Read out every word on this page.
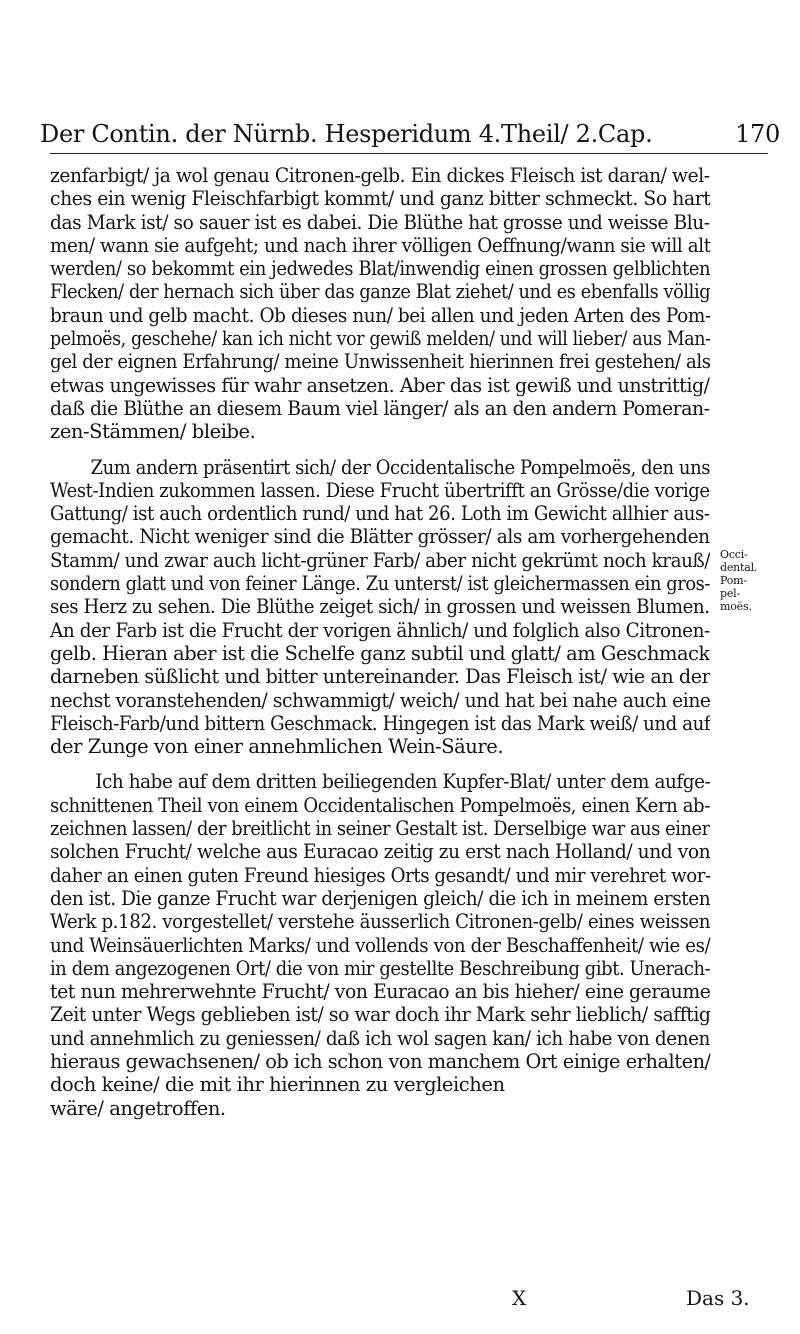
Der Contin. der Nürnb. Hesperidum 4.Theil/ 2.Cap.	170
zenfarbigt/ ja wol genau Citronen-gelb. Ein dickes Fleisch ist daran/ wel-
ches ein wenig Fleischfarbigt kommt/ und ganz bitter schmeckt. So hart
das Mark ist/ so sauer ist es dabei. Die Blüthe hat grosse und weisse Blu-
men/ wann sie aufgeht; und nach ihrer völligen Oeffnung/wann sie will alt
werden/ so bekommt ein jedwedes Blat/inwendig einen grossen gelblichten
Flecken/ der hernach sich über das ganze Blat ziehet/ und es ebenfalls völlig
braun und gelb macht. Ob dieses nun/ bei allen und jeden Arten des Pom-
pelmoës, geschehe/ kan ich nicht vor gewiß melden/ und will lieber/ aus Man-
gel der eignen Erfahrung/ meine Unwissenheit hierinnen frei gestehen/ als
etwas ungewisses für wahr ansetzen. Aber das ist gewiß und unstrittig/
daß die Blüthe an diesem Baum viel länger/ als an den andern Pomeran-
zen-Stämmen/ bleibe.
Zum andern präsentirt sich/ der Occidentalische Pompelmoës, den uns
West-Indien zukommen lassen. Diese Frucht übertrifft an Grösse/die vorige
Gattung/ ist auch ordentlich rund/ und hat 26. Loth im Gewicht allhier aus-
gemacht. Nicht weniger sind die Blätter grösser/ als am vorhergehenden
Stamm/ und zwar auch licht-grüner Farb/ aber nicht gekrümt noch krauß/
sondern glatt und von feiner Länge. Zu unterst/ ist gleichermassen ein gros-
ses Herz zu sehen. Die Blüthe zeiget sich/ in grossen und weissen Blumen.
An der Farb ist die Frucht der vorigen ähnlich/ und folglich also Citronen-
gelb. Hieran aber ist die Schelfe ganz subtil und glatt/ am Geschmack
darneben süßlicht und bitter untereinander. Das Fleisch ist/ wie an der
nechst voranstehenden/ schwammigt/ weich/ und hat bei nahe auch eine
Fleisch-Farb/und bittern Geschmack. Hingegen ist das Mark weiß/ und auf
der Zunge von einer annehmlichen Wein-Säure.
Ich habe auf dem dritten beiliegenden Kupfer-Blat/ unter dem aufge-
schnittenen Theil von einem Occidentalischen Pompelmoës, einen Kern ab-
zeichnen lassen/ der breitlicht in seiner Gestalt ist. Derselbige war aus einer
solchen Frucht/ welche aus Euracao zeitig zu erst nach Holland/ und von
daher an einen guten Freund hiesiges Orts gesandt/ und mir verehret wor-
den ist. Die ganze Frucht war derjenigen gleich/ die ich in meinem ersten
Werk p.182. vorgestellet/ verstehe äusserlich Citronen-gelb/ eines weissen
und Weinsäuerlichten Marks/ und vollends von der Beschaffenheit/ wie es/
in dem angezogenen Ort/ die von mir gestellte Beschreibung gibt. Unerach-
tet nun mehrerwehnte Frucht/ von Euracao an bis hieher/ eine geraume
Zeit unter Wegs geblieben ist/ so war doch ihr Mark sehr lieblich/ safftig
und annehmlich zu geniessen/ daß ich wol sagen kan/ ich habe von denen
hieraus gewachsenen/ ob ich schon von manchem Ort einige erhalten/
doch keine/ die mit ihr hierinnen zu vergleichen
wäre/ angetroffen.
Occi-
dental.
Pom-
pel-
moës.
X	Das 3.
